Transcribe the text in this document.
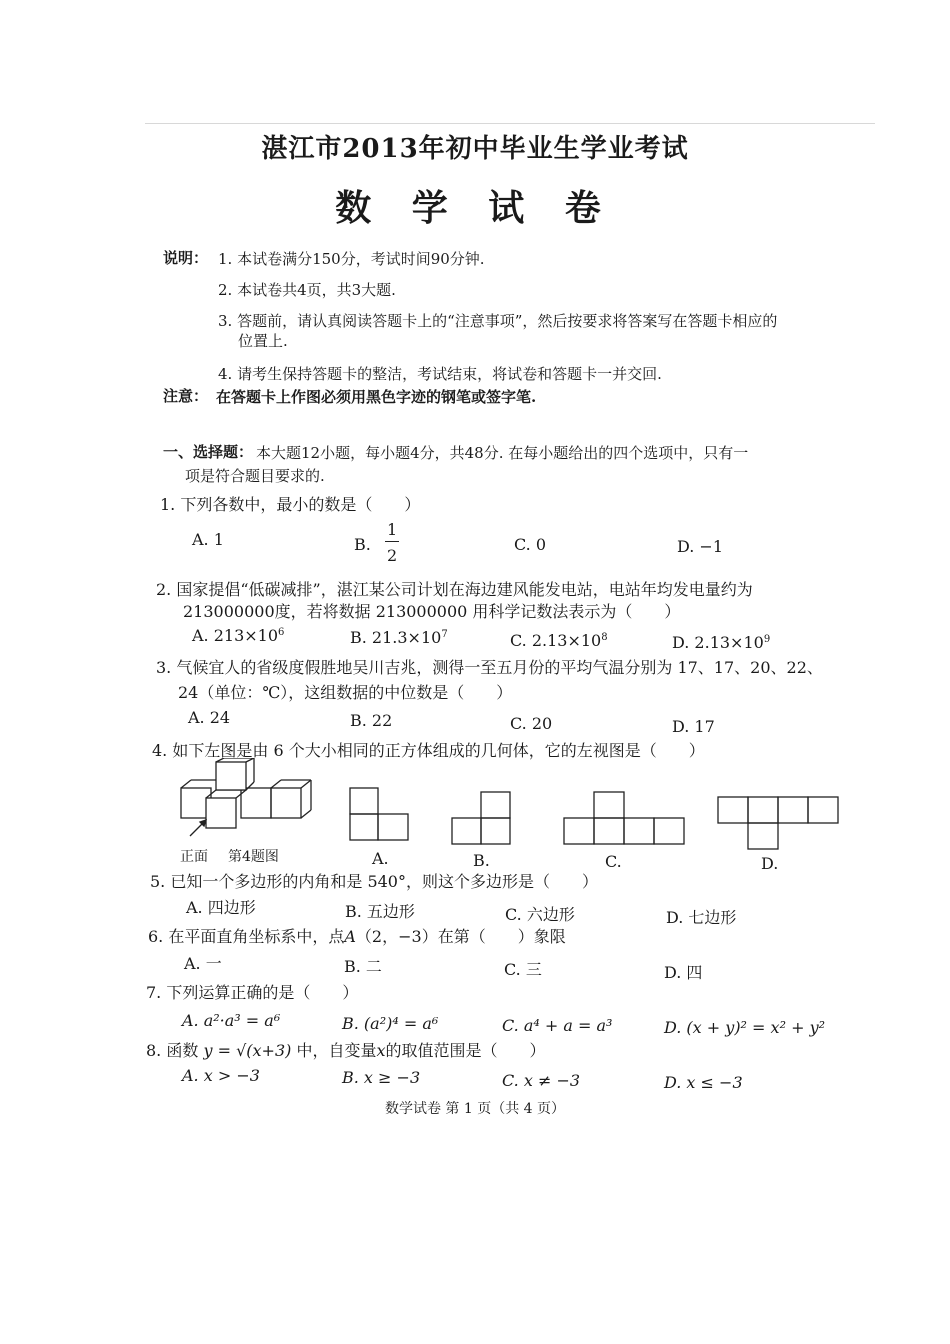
湛江市2013年初中毕业生学业考试
数 学 试 卷
说明： 1. 本试卷满分150分，考试时间90分钟.
2. 本试卷共4页，共3大题.
3. 答题前，请认真阅读答题卡上的“注意事项”，然后按要求将答案写在答题卡相应的
位置上.
4. 请考生保持答题卡的整洁，考试结束，将试卷和答题卡一并交回.
注意： 在答题卡上作图必须用黑色字迹的钢笔或签字笔.
一、选择题： 本大题12小题，每小题4分，共48分. 在每小题给出的四个选项中，只有一
项是符合题目要求的.
1. 下列各数中，最小的数是（　　）
A. 1	B.
1
2
C. 0	D. −1
2. 国家提倡“低碳减排”，湛江某公司计划在海边建风能发电站，电站年均发电量约为
213000000度，若将数据 213000000 用科学记数法表示为（　　）
A. $213\times 10^6$	B. $21.3\times 10^7$	C. $2.13\times 10^8$	D. $2.13\times 10^9$
3. 气候宜人的省级度假胜地吴川吉兆，测得一至五月份的平均气温分别为 17、17、20、22、
24（单位：℃），这组数据的中位数是（　　）
A. 24	B. 22	C. 20	D. 17
4. 如下左图是由 6 个大小相同的正方体组成的几何体，它的左视图是（　　）
正面 第4题图	A.	B.	C.	D.
5. 已知一个多边形的内角和是 540°，则这个多边形是（　　）
A. 四边形	B. 五边形	C. 六边形	D. 七边形
6. 在平面直角坐标系中，点A（2，−3）在第（　　）象限
A. 一	B. 二	C. 三	D. 四
7. 下列运算正确的是（　　）
A. a²·a³ = a⁶	B. (a²)⁴ = a⁶	C. a⁴ + a = a³	D. (x + y)² = x² + y²
8. 函数 y = √(x+3) 中，自变量x的取值范围是（　　）
A. x > −3	B. x ≥ −3	C. x ≠ −3	D. x ≤ −3
数学试卷 第 1 页（共 4 页）
